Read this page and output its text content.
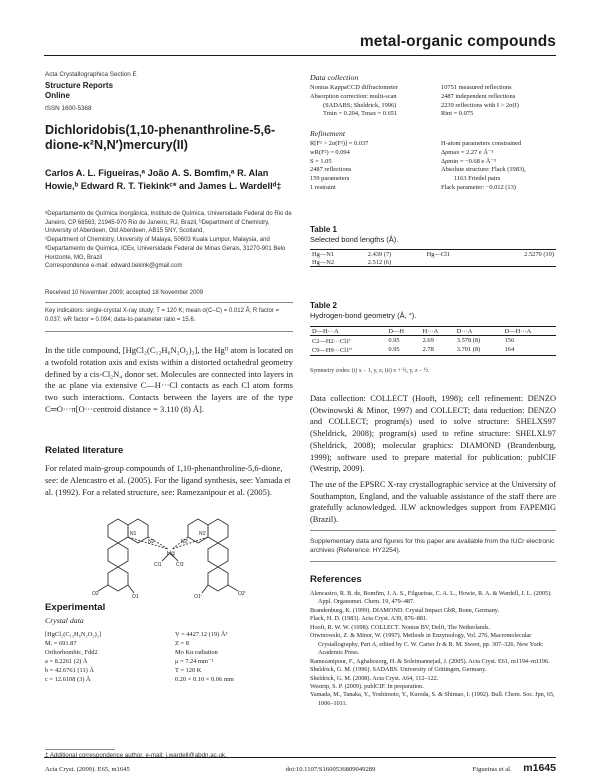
metal-organic compounds
Acta Crystallographica Section E
Structure Reports
Online
ISSN 1600-5368
Dichloridobis(1,10-phenanthroline-5,6-dione-κ²N,N′)mercury(II)
Carlos A. L. Figueiras,ᵃ João A. S. Bomfim,ᵃ R. Alan Howie,ᵇ Edward R. T. Tiekinkᶜ* and James L. Wardellᵈ‡

ᵃDepartamento de Química Inorgânica, Instituto de Química, Universidade Federal do Rio de Janeiro, CP 68563, 21945-970 Rio de Janeiro, RJ, Brazil, ᵇDepartment of Chemistry, University of Aberdeen, Old Aberdeen, AB15 5NY, Scotland,

ᶜDepartment of Chemistry, University of Malaya, 50603 Kuala Lumpur, Malaysia, and ᵈDepartamento de Química, ICEx, Universidade Federal de Minas Gerais, 31270-901 Belo Horizonte, MG, Brazil

Correspondence e-mail: edward.tiekink@gmail.com

Received 10 November 2009; accepted 18 November 2009
Key indicators: single-crystal X-ray study; T = 120 K; mean σ(C–C) = 0.012 Å; R factor = 0.037; wR factor = 0.094; data-to-parameter ratio = 15.6.
In the title compound, [HgCl₂(C₁₂H₆N₂O₂)₂], the Hgᴵᴵ atom is located on a twofold rotation axis and exists within a distorted octahedral geometry defined by a cis-Cl₂N₄ donor set. Molecules are connected into layers in the ac plane via extensive C—H···Cl contacts as each Cl atom forms two such interactions. Contacts between the layers are of the type C═O···π[O···centroid distance = 3.110 (8) Å].
Related literature
For related main-group compounds of 1,10-phenanthroline-5,6-dione, see: de Alencastro et al. (2005). For the ligand synthesis, see: Yamada et al. (1992). For a related structure, see: Ramezanipour et al. (2005).
O2	O1
N1
N2
Hg
Cl1	Cl1ⁱ
N1ⁱ
N2ⁱ
O1ⁱ	O2ⁱ
Experimental
Crystal data
[HgCl₂(C₁₂H₆N₂O₂)₂]
Mᵣ = 691.87
Orthorhombic, Fdd2
a = 8.2261 (2) Å
b = 42.6761 (11) Å
c = 12.6108 (3) Å
V = 4427.12 (19) Å³
Z = 8
Mo Kα radiation
μ = 7.24 mm⁻¹
T = 120 K
0.20 × 0.10 × 0.06 mm
‡ Additional correspondence author, e-mail: j.wardell@abdn.ac.uk.
Data collection
Nonius KappaCCD diffractometer
Absorption correction: multi-scan
(SADABS; Sheldrick, 1996)
Tmin = 0.204, Tmax = 0.651
10751 measured reflections
2487 independent reflections
2239 reflections with I > 2σ(I)
Rint = 0.075
Refinement
R[F² > 2σ(F²)] = 0.037
wR(F²) = 0.094
S = 1.05
2487 reflections
159 parameters
1 restraint
H-atom parameters constrained
Δρmax = 2.27 e Å⁻³
Δρmin = −0.68 e Å⁻³
Absolute structure: Flack (1983),
1163 Friedel pairs
Flack parameter: −0.012 (13)
Table 1
Selected bond lengths (Å).
Hg—N1	2.439 (7)	Hg—Cl1	2.5270 (19)
Hg—N2	2.512 (6)		
Table 2
Hydrogen-bond geometry (Å, °).
D—H···A	D—H	H···A	D···A	D—H···A
C2—H2···Cl1ⁱ	0.95	2.69	3.578 (8)	156
C9—H9···Cl1ⁱⁱ	0.95	2.78	3.701 (8)	164
Symmetry codes: (i) x − 1, y, z; (ii) x + ½, y, z − ½.
Data collection: COLLECT (Hooft, 1998); cell refinement: DENZO (Otwinowski & Minor, 1997) and COLLECT; data reduction: DENZO and COLLECT; program(s) used to solve structure: SHELXS97 (Sheldrick, 2008); program(s) used to refine structure: SHELXL97 (Sheldrick, 2008); molecular graphics: DIAMOND (Brandenburg, 1999); software used to prepare material for publication: publCIF (Westrip, 2009).
The use of the EPSRC X-ray crystallographic service at the University of Southampton, England, and the valuable assistance of the staff there are gratefully acknowledged. JLW acknowledges support from FAPEMIG (Brazil).
Supplementary data and figures for this paper are available from the IUCr electronic archives (Reference: HY2254).
References

Alencastro, R. B. de, Bomfim, J. A. S., Filgueiras, C. A. L., Howie, R. A. & Wardell, J. L. (2005). Appl. Organomet. Chem. 19, 479–487.

Brandenburg, K. (1999). DIAMOND. Crystal Impact GbR, Bonn, Germany.

Flack, H. D. (1983). Acta Cryst. A39, 876–881.

Hooft, R. W. W. (1998). COLLECT. Nonius BV, Delft, The Netherlands.

Otwinowski, Z. & Minor, W. (1997). Methods in Enzymology, Vol. 276, Macromolecular Crystallography, Part A, edited by C. W. Carter Jr & R. M. Sweet, pp. 307–326. New York: Academic Press.

Ramezanipour, F., Aghabozorg, H. & Soleimannejad, J. (2005). Acta Cryst. E61, m1194–m1196.

Sheldrick, G. M. (1996). SADABS. University of Göttingen, Germany.

Sheldrick, G. M. (2008). Acta Cryst. A64, 112–122.

Westrip, S. P. (2009). publCIF. In preparation.

Yamada, M., Tanaka, Y., Yoshimoto, Y., Kuroda, S. & Shimao, I. (1992). Bull. Chem. Soc. Jpn, 65, 1006–1011.

Acta Cryst. (2009). E65, m1645	doi:10.1107/S1600536809049289	Figueiras et al. m1645
